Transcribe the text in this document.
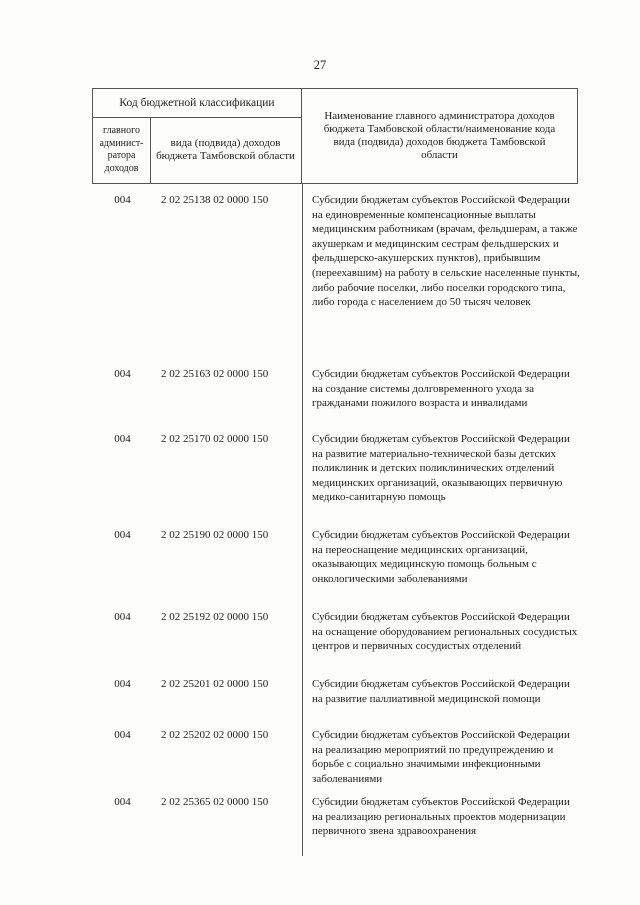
27
Код бюджетной классификации
главного админист-ратора доходов
вида (подвида) доходов бюджета Тамбовской области
Наименование главного администратора доходов бюджета Тамбовской области/наименование кода вида (подвида) доходов бюджета Тамбовской области
004	2 02 25138 02 0000 150	Субсидии бюджетам субъектов Российской Федерации на единовременные компенсационные выплаты медицинским работникам (врачам, фельдшерам, а также акушеркам и медицинским сестрам фельдшерских и фельдшерско-акушерских пунктов), прибывшим (переехавшим) на работу в сельские населенные пункты, либо рабочие поселки, либо поселки городского типа, либо города с населением до 50 тысяч человек
004	2 02 25163 02 0000 150	Субсидии бюджетам субъектов Российской Федерации на создание системы долговременного ухода за гражданами пожилого возраста и инвалидами
004	2 02 25170 02 0000 150	Субсидии бюджетам субъектов Российской Федерации на развитие материально-технической базы детских поликлиник и детских поликлинических отделений медицинских организаций, оказывающих первичную медико-санитарную помощь
004	2 02 25190 02 0000 150	Субсидии бюджетам субъектов Российской Федерации на переоснащение медицинских организаций, оказывающих медицинскую помощь больным с онкологическими заболеваниями
004	2 02 25192 02 0000 150	Субсидии бюджетам субъектов Российской Федерации на оснащение оборудованием региональных сосудистых центров и первичных сосудистых отделений
004	2 02 25201 02 0000 150	Субсидии бюджетам субъектов Российской Федерации на развитие паллиативной медицинской помощи
004	2 02 25202 02 0000 150	Субсидии бюджетам субъектов Российской Федерации на реализацию мероприятий по предупреждению и борьбе с социально значимыми инфекционными заболеваниями
004	2 02 25365 02 0000 150	Субсидии бюджетам субъектов Российской Федерации на реализацию региональных проектов модернизации первичного звена здравоохранения
